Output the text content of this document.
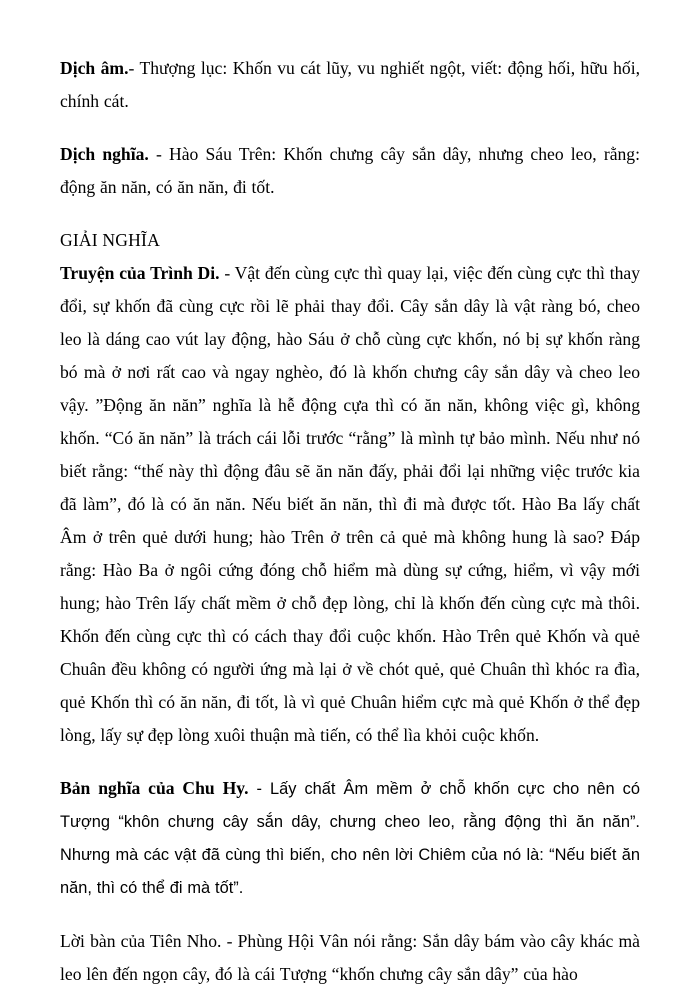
Dịch âm.- Thượng lục: Khốn vu cát lũy, vu nghiết ngột, viết: động hối, hữu hối, chính cát.

Dịch nghĩa. - Hào Sáu Trên: Khốn chưng cây sắn dây, nhưng cheo leo, rằng: động ăn năn, có ăn năn, đi tốt.

GIẢI NGHĨA

Truyện của Trình Di. - Vật đến cùng cực thì quay lại, việc đến cùng cực thì thay đổi, sự khốn đã cùng cực rồi lẽ phải thay đổi. Cây sắn dây là vật ràng bó, cheo leo là dáng cao vút lay động, hào Sáu ở chỗ cùng cực khốn, nó bị sự khốn ràng bó mà ở nơi rất cao và ngay nghèo, đó là khốn chưng cây sắn dây và cheo leo vậy. ”Động ăn năn” nghĩa là hễ động cựa thì có ăn năn, không việc gì, không khốn. “Có ăn năn” là trách cái lỗi trước “rằng” là mình tự bảo mình. Nếu như nó biết rằng: “thế này thì động đâu sẽ ăn năn đấy, phải đổi lại những việc trước kia đã làm”, đó là có ăn năn. Nếu biết ăn năn, thì đi mà được tốt. Hào Ba lấy chất Âm ở trên quẻ dưới hung; hào Trên ở trên cả quẻ mà không hung là sao? Đáp rằng: Hào Ba ở ngôi cứng đóng chỗ hiểm mà dùng sự cứng, hiểm, vì vậy mới hung; hào Trên lấy chất mềm ở chỗ đẹp lòng, chỉ là khốn đến cùng cực mà thôi. Khốn đến cùng cực thì có cách thay đổi cuộc khốn. Hào Trên quẻ Khốn và quẻ Chuân đều không có người ứng mà lại ở về chót quẻ, quẻ Chuân thì khóc ra đìa, quẻ Khốn thì có ăn năn, đi tốt, là vì quẻ Chuân hiểm cực mà quẻ Khốn ở thể đẹp lòng, lấy sự đẹp lòng xuôi thuận mà tiến, có thể lìa khỏi cuộc khốn.

Bản nghĩa của Chu Hy. - Lấy chất Âm mềm ở chỗ khốn cực cho nên có Tượng “khôn chưng cây sắn dây, chưng cheo leo, rằng động thì ăn năn”. Nhưng mà các vật đã cùng thì biến, cho nên lời Chiêm của nó là: “Nếu biết ăn năn, thì có thể đi mà tốt”.

Lời bàn của Tiên Nho. - Phùng Hội Vân nói rằng: Sắn dây bám vào cây khác mà leo lên đến ngọn cây, đó là cái Tượng “khốn chưng cây sắn dây” của hào
